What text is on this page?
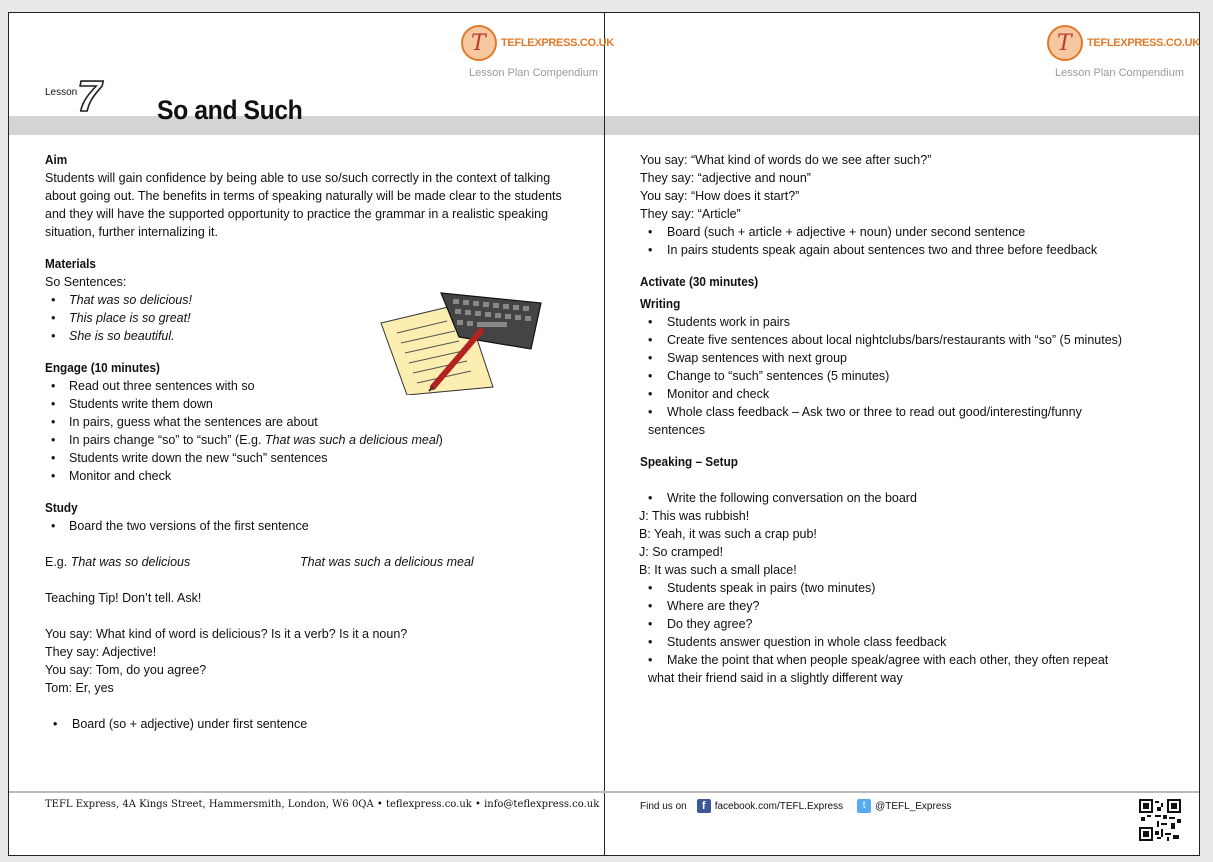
T TEFLEXPRESS.CO.UK
Lesson Plan Compendium
Lesson 7 So and Such
Aim

Students will gain confidence by being able to use so/such correctly in the context of talking about going out. The benefits in terms of speaking naturally will be made clear to the students and they will have the supported opportunity to practice the grammar in a realistic speaking situation, further internalizing it.

Materials

So Sentences:

• That was so delicious!
• This place is so great!
• She is so beautiful.
Engage (10 minutes)
• Read out three sentences with so
• Students write them down
• In pairs, guess what the sentences are about
• In pairs change “so” to “such” (E.g. That was such a delicious meal)
• Students write down the new “such” sentences
• Monitor and check
Study
• Board the two versions of the first sentence
E.g. That was so delicious	That was such a delicious meal

Teaching Tip! Don’t tell. Ask!

You say: What kind of word is delicious? Is it a verb? Is it a noun?

They say: Adjective!

You say: Tom, do you agree?

Tom: Er, yes

• Board (so + adjective) under first sentence
T TEFLEXPRESS.CO.UK
Lesson Plan Compendium

You say: “What kind of words do we see after such?”

They say: “adjective and noun”

You say: “How does it start?”

They say: “Article”

• Board (such + article + adjective + noun) under second sentence
• In pairs students speak again about sentences two and three before feedback
Activate (30 minutes)
Writing
• Students work in pairs
• Create five sentences about local nightclubs/bars/restaurants with “so” (5 minutes)
• Swap sentences with next group
• Change to “such” sentences (5 minutes)
• Monitor and check
• Whole class feedback – Ask two or three to read out good/interesting/funny

sentences

Speaking – Setup
• Write the following conversation on the board

J: This was rubbish!

B: Yeah, it was such a crap pub!

J: So cramped!

B: It was such a small place!

• Students speak in pairs (two minutes)
• Where are they?
• Do they agree?
• Students answer question in whole class feedback
• Make the point that when people speak/agree with each other, they often repeat

what their friend said in a slightly different way

TEFL Express, 4A Kings Street, Hammersmith, London, W6 0QA • teflexpress.co.uk • info@teflexpress.co.uk	Find us on	f facebook.com/TEFL.Express	t @TEFL_Express
